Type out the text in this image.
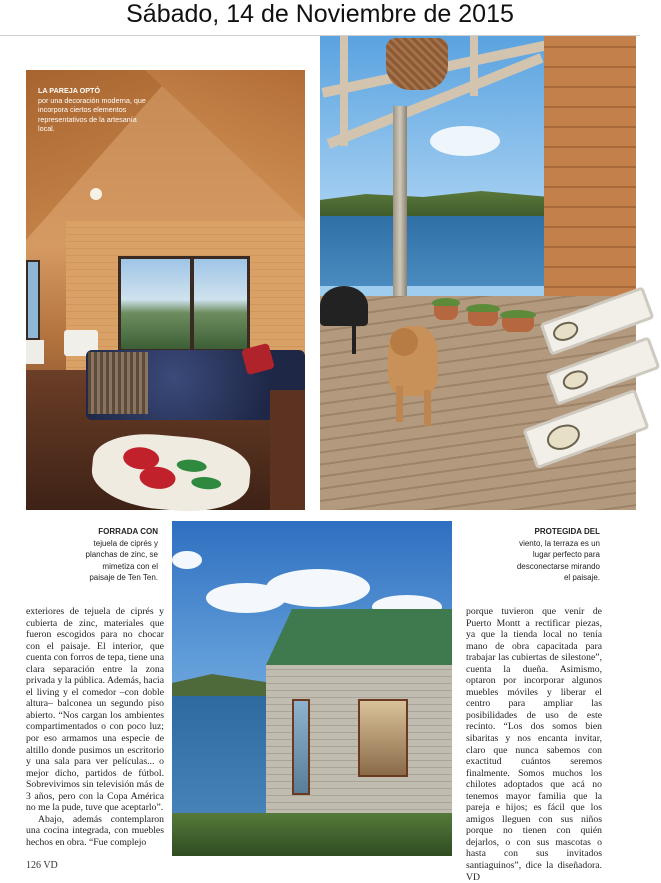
Sábado, 14 de Noviembre de 2015
LA PAREJA OPTÓ
por una decoración moderna, que incorpora ciertos elementos representativos de la artesanía local.
FORRADA CON
tejuela de ciprés y planchas de zinc, se mimetiza con el paisaje de Ten Ten.
PROTEGIDA DEL
viento, la terraza es un lugar perfecto para desconectarse mirando el paisaje.

exteriores de tejuela de ciprés y cubierta de zinc, materiales que fueron escogidos para no chocar con el paisaje. El interior, que cuenta con forros de tepa, tiene una clara separación entre la zona privada y la pública. Además, hacia el living y el comedor –con doble altura– balconea un segundo piso abierto. “Nos cargan los ambientes compartimentados o con poco luz; por eso armamos una especie de altillo donde pusimos un escritorio y una sala para ver películas... o mejor dicho, partidos de fútbol. Sobrevivimos sin televisión más de 3 años, pero con la Copa América no me la pude, tuve que aceptarlo”.

Abajo, además contemplaron una cocina integrada, con muebles hechos en obra. “Fue complejo

porque tuvieron que venir de Puerto Montt a rectificar piezas, ya que la tienda local no tenía mano de obra capacitada para trabajar las cubiertas de silestone”, cuenta la dueña. Asimismo, optaron por incorporar algunos muebles móviles y liberar el centro para ampliar las posibilidades de uso de este recinto. “Los dos somos bien sibaritas y nos encanta invitar, claro que nunca sabemos con exactitud cuántos seremos finalmente. Somos muchos los chilotes adoptados que acá no tenemos mayor familia que la pareja e hijos; es fácil que los amigos lleguen con sus niños porque no tienen con quién dejarlos, o con sus mascotas o hasta con sus invitados santiaguinos”, dice la diseñadora. VD

126 VD
